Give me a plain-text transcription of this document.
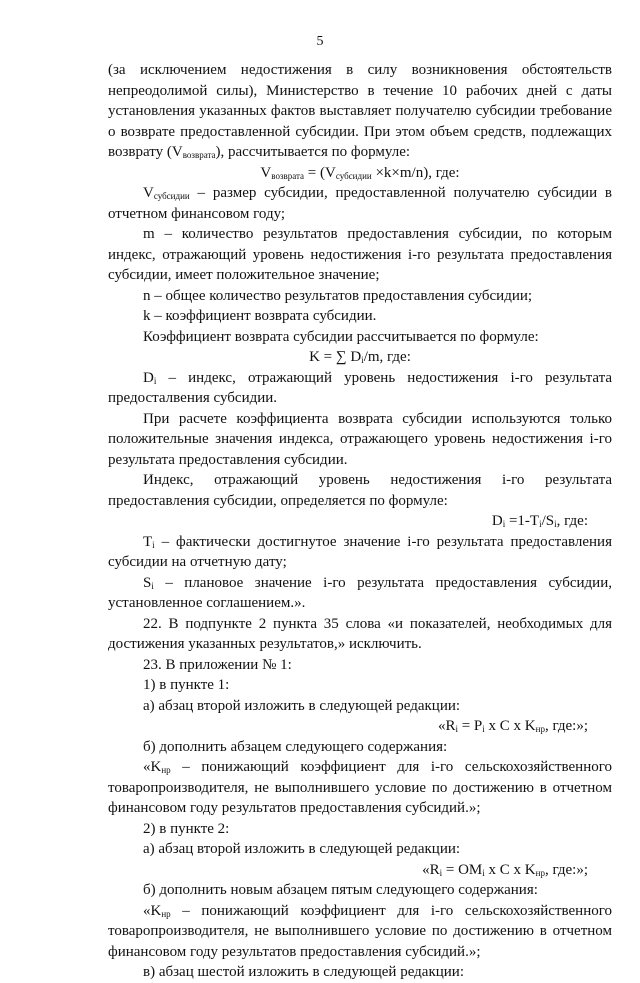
5

(за исключением недостижения в силу возникновения обстоятельств непреодолимой силы), Министерство в течение 10 рабочих дней с даты установления указанных фактов выставляет получателю субсидии требование о возврате предоставленной субсидии. При этом объем средств, подлежащих возврату $(V_{возврата})$, рассчитывается по формуле:

$V_{возврата} = (V_{субсидии} \times k\times m/n)$, где:

$V_{субсидии}$ – размер субсидии, предоставленной получателю субсидии в отчетном финансовом году;

m – количество результатов предоставления субсидии, по которым индекс, отражающий уровень недостижения i-го результата предоставления субсидии, имеет положительное значение;

n – общее количество результатов предоставления субсидии;

k – коэффициент возврата субсидии.

Коэффициент возврата субсидии рассчитывается по формуле:

K = ∑ $D_i/m$, где:

$D_i$ – индекс, отражающий уровень недостижения i-го результата предосталвения субсидии.

При расчете коэффициента возврата субсидии используются только положительные значения индекса, отражающего уровень недостижения i-го результата предоставления субсидии.

Индекс, отражающий уровень недостижения i-го результата предоставления субсидии, определяется по формуле:

$D_i =1-T_i/S_i$, где:

$T_i$ – фактически достигнутое значение i-го результата предоставления субсидии на отчетную дату;

$S_i$ – плановое значение i-го результата предоставления субсидии, установленное соглашением.».

22. В подпункте 2 пункта 35 слова «и показателей, необходимых для достижения указанных результатов,» исключить.

23. В приложении № 1:

1) в пункте 1:

а) абзац второй изложить в следующей редакции:

«$R_i = P_i$ x C x $K_{нр}$, где:»;

б) дополнить абзацем следующего содержания:

«$K_{нр}$ – понижающий коэффициент для i-го сельскохозяйственного товаропроизводителя, не выполнившего условие по достижению в отчетном финансовом году результатов предоставления субсидий.»;

2) в пункте 2:

а) абзац второй изложить в следующей редакции:

«$R_i = OM_i$ x C x $K_{нр}$, где:»;

б) дополнить новым абзацем пятым следующего содержания:

«$K_{нр}$ – понижающий коэффициент для i-го сельскохозяйственного товаропроизводителя, не выполнившего условие по достижению в отчетном финансовом году результатов предоставления субсидий.»;

в) абзац шестой изложить в следующей редакции:
